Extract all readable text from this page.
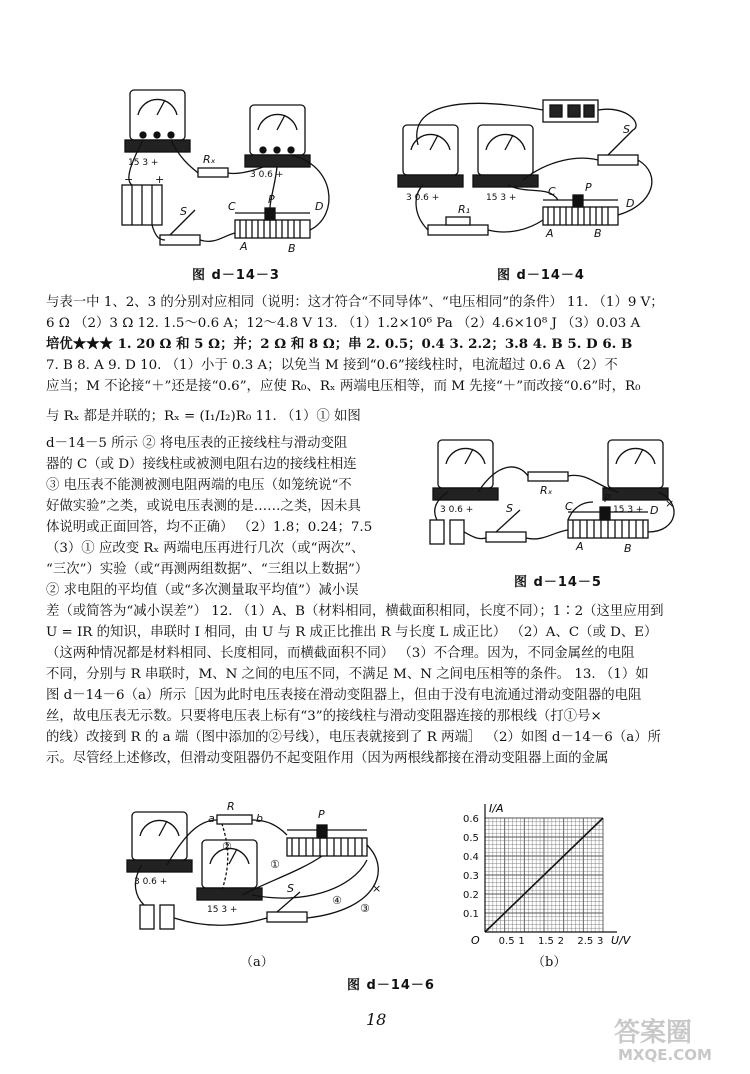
15 3 +
3 0.6 +
Rₓ
S	C
P
D
A	B
− +
图 d－14－3
3 0.6 +	15 3 +
R₁
S
C	P
D
A	B
图 d－14－4

与表一中 1、2、3 的分别对应相同（说明：这才符合“不同导体”、“电压相同”的条件） 11. （1）9 V；

6 Ω （2）3 Ω 12. 1.5～0.6 A；12～4.8 V 13. （1）1.2×10⁶ Pa （2）4.6×10⁸ J （3）0.03 A

培优★★★ 1. 20 Ω 和 5 Ω；并；2 Ω 和 8 Ω；串 2. 0.5；0.4 3. 2.2；3.8 4. B 5. D 6. B

7. B 8. A 9. D 10. （1）小于 0.3 A；以免当 M 接到“0.6”接线柱时，电流超过 0.6 A （2）不

应当；M 不论接“＋”还是接“0.6”，应使 R₀、Rₓ 两端电压相等，而 M 先接“＋”而改接“0.6”时，R₀

与 Rₓ 都是并联的；Rₓ = (I₁/I₂)R₀ 11. （1）① 如图

d－14－5 所示 ② 将电压表的正接线柱与滑动变阻

器的 C（或 D）接线柱或被测电阻右边的接线柱相连

③ 电压表不能测被测电阻两端的电压（如笼统说“不

好做实验”之类，或说电压表测的是……之类，因未具

体说明或正面回答，均不正确） （2）1.8；0.24；7.5

（3）① 应改变 Rₓ 两端电压再进行几次（或“两次”、

“三次”）实验（或“再测两组数据”、“三组以上数据”）

② 求电阻的平均值（或“多次测量取平均值”）减小误

差（或简答为“减小误差”） 12. （1）A、B（材料相同，横截面积相同，长度不同）；1∶2（这里应用到

3 0.6 +	15 3 +
Rₓ
S	C
P
D
A	B
×
图 d－14－5

U = IR 的知识，串联时 I 相同，由 U 与 R 成正比推出 R 与长度 L 成正比） （2）A、C（或 D、E）

（这两种情况都是材料相同、长度相同，而横截面积不同） （3）不合理。因为，不同金属丝的电阻

不同，分别与 R 串联时，M、N 之间的电压不同，不满足 M、N 之间电压相等的条件。 13. （1）如

图 d－14－6（a）所示［因为此时电压表接在滑动变阻器上，但由于没有电流通过滑动变阻器的电阻

丝，故电压表无示数。只要将电压表上标有“3”的接线柱与滑动变阻器连接的那根线（打①号×

的线）改接到 R 的 a 端（图中添加的②号线），电压表就接到了 R 两端］ （2）如图 d－14－6（a）所

示。尽管经上述修改，但滑动变阻器仍不起变阻作用（因为两根线都接在滑动变阻器上面的金属

3 0.6 +
15 3 +
R
a	b	P
S
②
③
④
①
×
（a）
0.5 1 1.5 2 2.5 3
0.1
0.2
0.3
0.4
0.5
0.6
I/A
U/V
O
（b）
图 d－14－6
18	答案圈
MXQE.COM
